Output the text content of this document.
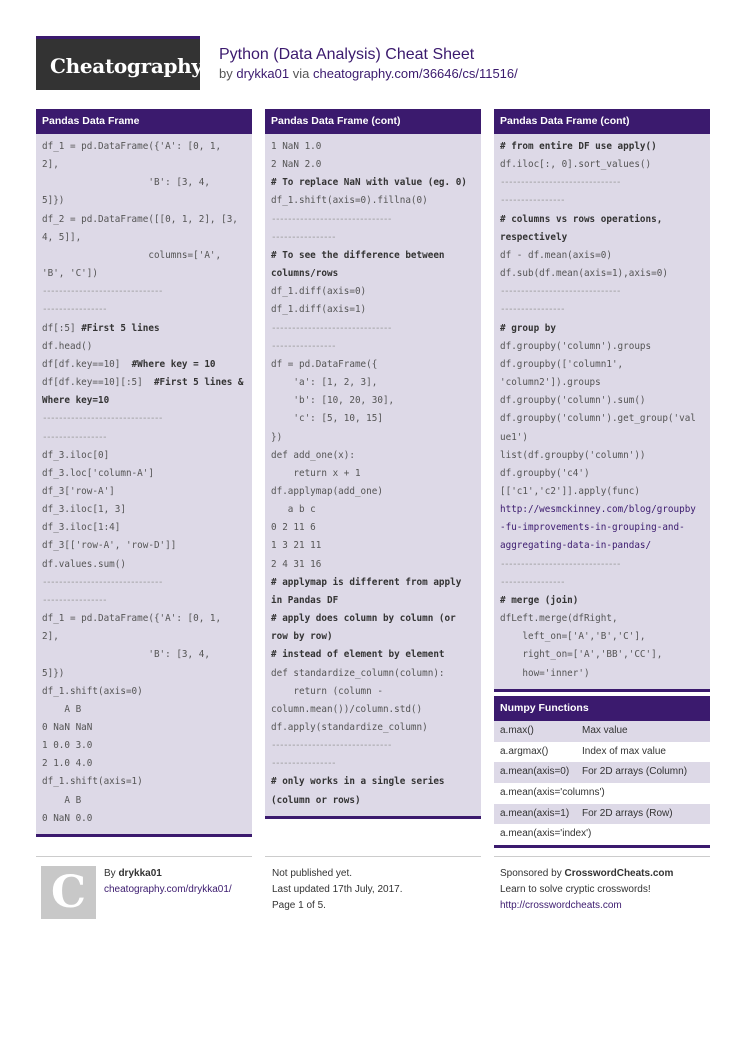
Cheatography Python (Data Analysis) Cheat Sheet
by drykka01 via cheatography.com/36646/cs/11516/
Pandas Data Frame
df_1 = pd.DataFrame({'A': [0, 1,
2],
'B': [3, 4,
5]})
df_2 = pd.DataFrame([[0, 1, 2], [3,
4, 5]],
columns=['A',
'B', 'C'])
------------------------------
----------------
df[:5] #First 5 lines
df.head()
df[df.key==10]  #Where key = 10
df[df.key==10][:5]  #First 5 lines &
Where key=10
------------------------------
----------------
df_3.iloc[0]
df_3.loc['column-A']
df_3['row-A']
df_3.iloc[1, 3]
df_3.iloc[1:4]
df_3[['row-A', 'row-D']]
df.values.sum()
------------------------------
----------------
df_1 = pd.DataFrame({'A': [0, 1,
2],
'B': [3, 4,
5]})
df_1.shift(axis=0)
A B
0 NaN NaN
1 0.0 3.0
2 1.0 4.0
df_1.shift(axis=1)
A B
0 NaN 0.0
Pandas Data Frame (cont)
1 NaN 1.0
2 NaN 2.0
# To replace NaN with value (eg. 0)
df_1.shift(axis=0).fillna(0)
------------------------------
----------------
# To see the difference between
columns/rows
df_1.diff(axis=0)
df_1.diff(axis=1)
------------------------------
----------------
df = pd.DataFrame({
'a': [1, 2, 3],
'b': [10, 20, 30],
'c': [5, 10, 15]
})
def add_one(x):
return x + 1
df.applymap(add_one)
a b c
0 2 11 6
1 3 21 11
2 4 31 16
# applymap is different from apply
in Pandas DF
# apply does column by column (or
row by row)
# instead of element by element
def standardize_column(column):
return (column -
column.mean())/column.std()
df.apply(standardize_column)
------------------------------
----------------
# only works in a single series
(column or rows)
Pandas Data Frame (cont)
# from entire DF use apply()
df.iloc[:, 0].sort_values()
------------------------------
----------------
# columns vs rows operations,
respectively
df - df.mean(axis=0)
df.sub(df.mean(axis=1),axis=0)
------------------------------
----------------
# group by
df.groupby('column').groups
df.groupby(['column1',
'column2']).groups
df.groupby('column').sum()
df.groupby('column').get_group('val
ue1')
list(df.groupby('column'))
df.groupby('c4')
[['c1','c2']].apply(func)
http://wesmckinney.com/blog/groupby
-fu-improvements-in-grouping-and-
aggregating-data-in-pandas/
------------------------------
----------------
# merge (join)
dfLeft.merge(dfRight,
left_on=['A','B','C'],
right_on=['A','BB','CC'],
how='inner')
Numpy Functions
a.max()	Max value
a.argmax()	Index of max value
a.mean(axis=0)	For 2D arrays (Column)
a.mean(axis='columns')
a.mean(axis=1)	For 2D arrays (Row)
a.mean(axis='index')
C	By drykka01
cheatography.com/drykka01/
Not published yet.
Last updated 17th July, 2017.
Page 1 of 5.
Sponsored by CrosswordCheats.com
Learn to solve cryptic crosswords!
http://crosswordcheats.com
